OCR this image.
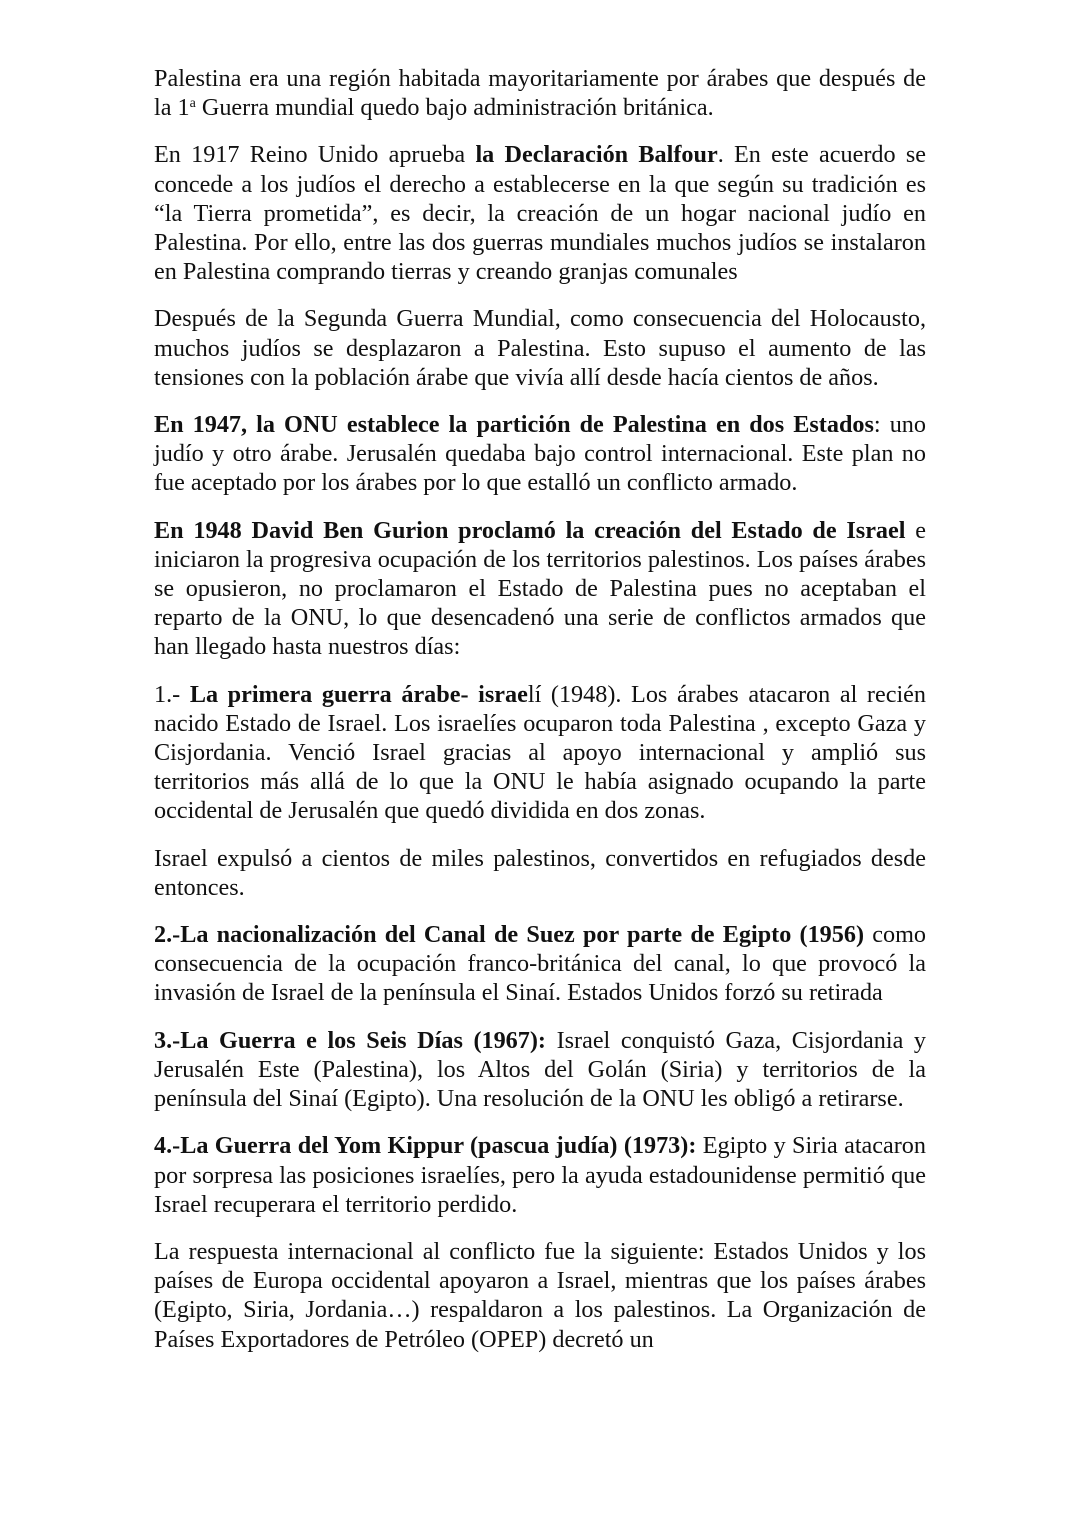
Palestina era una región habitada mayoritariamente por árabes que después de la 1$^a$ Guerra mundial quedo bajo administración británica.

En 1917 Reino Unido aprueba la Declaración Balfour. En este acuerdo se concede a los judíos el derecho a establecerse en la que según su tradición es “la Tierra prometida”, es decir, la creación de un hogar nacional judío en Palestina. Por ello, entre las dos guerras mundiales muchos judíos se instalaron en Palestina comprando tierras y creando granjas comunales

Después de la Segunda Guerra Mundial, como consecuencia del Holocausto, muchos judíos se desplazaron a Palestina. Esto supuso el aumento de las tensiones con la población árabe que vivía allí desde hacía cientos de años.

En 1947, la ONU establece la partición de Palestina en dos Estados: uno judío y otro árabe. Jerusalén quedaba bajo control internacional. Este plan no fue aceptado por los árabes por lo que estalló un conflicto armado.

En 1948 David Ben Gurion proclamó la creación del Estado de Israel e iniciaron la progresiva ocupación de los territorios palestinos. Los países árabes se opusieron, no proclamaron el Estado de Palestina pues no aceptaban el reparto de la ONU, lo que desencadenó una serie de conflictos armados que han llegado hasta nuestros días:

1.- La primera guerra árabe- israelí (1948). Los árabes atacaron al recién nacido Estado de Israel. Los israelíes ocuparon toda Palestina , excepto Gaza y Cisjordania. Venció Israel gracias al apoyo internacional y amplió sus territorios más allá de lo que la ONU le había asignado ocupando la parte occidental de Jerusalén que quedó dividida en dos zonas.

Israel expulsó a cientos de miles palestinos, convertidos en refugiados desde entonces.

2.-La nacionalización del Canal de Suez por parte de Egipto (1956) como consecuencia de la ocupación franco-británica del canal, lo que provocó la invasión de Israel de la península el Sinaí. Estados Unidos forzó su retirada

3.-La Guerra e los Seis Días (1967): Israel conquistó Gaza, Cisjordania y Jerusalén Este (Palestina), los Altos del Golán (Siria) y territorios de la península del Sinaí (Egipto). Una resolución de la ONU les obligó a retirarse.

4.-La Guerra del Yom Kippur (pascua judía) (1973): Egipto y Siria atacaron por sorpresa las posiciones israelíes, pero la ayuda estadounidense permitió que Israel recuperara el territorio perdido.

La respuesta internacional al conflicto fue la siguiente: Estados Unidos y los países de Europa occidental apoyaron a Israel, mientras que los países árabes (Egipto, Siria, Jordania…) respaldaron a los palestinos. La Organización de Países Exportadores de Petróleo (OPEP) decretó un
